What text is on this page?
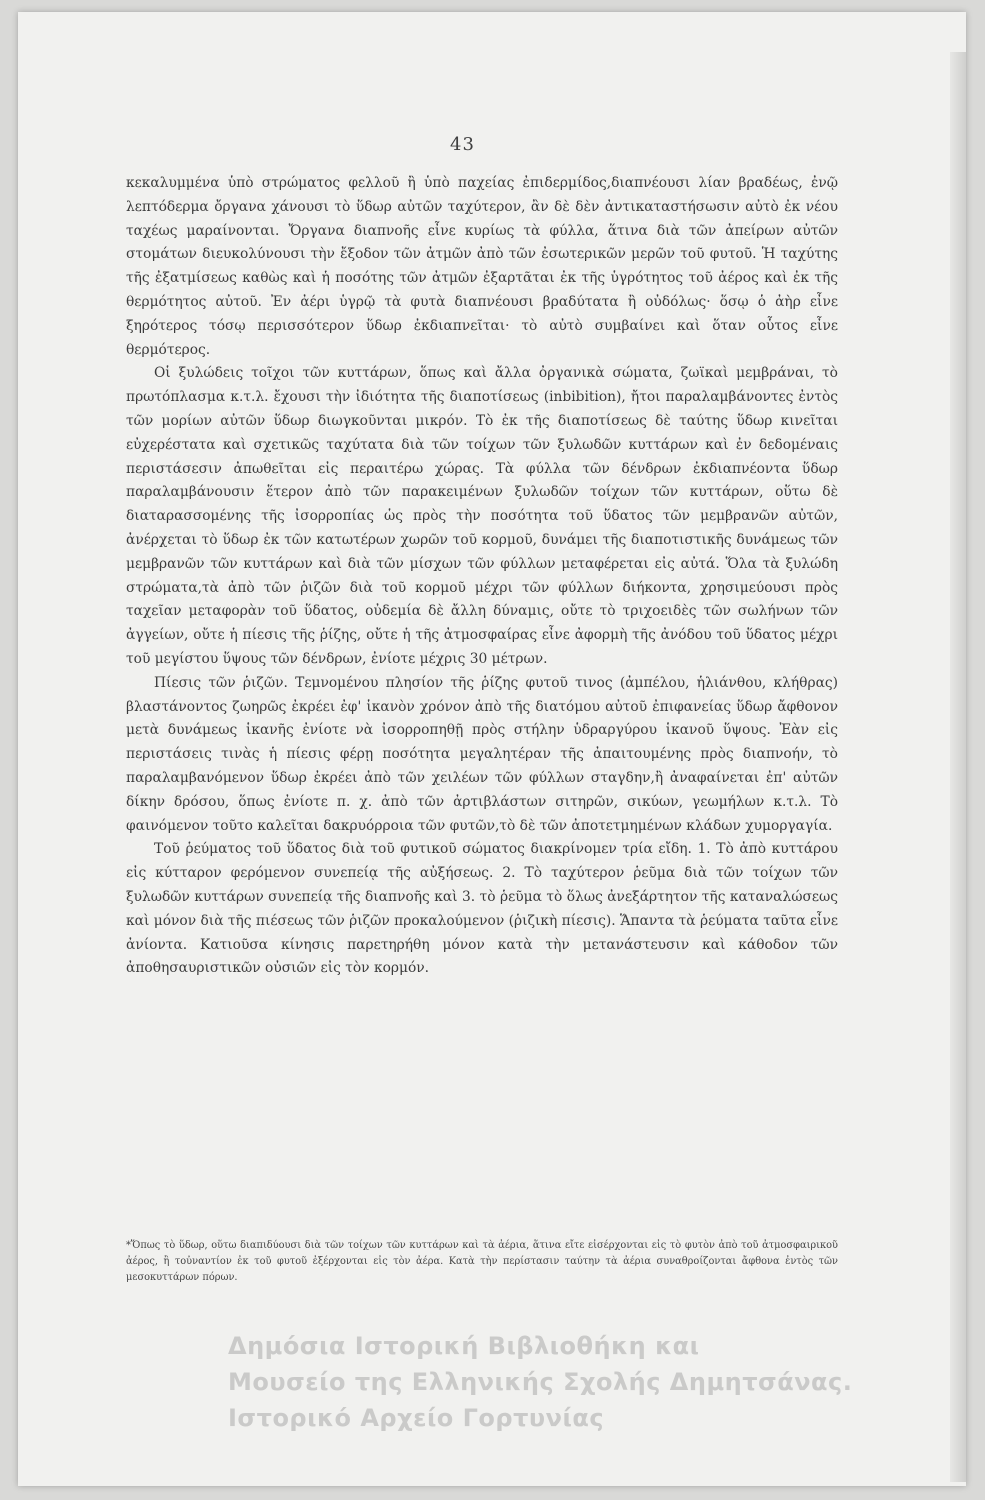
43

κεκαλυμμένα ὑπὸ στρώματος φελλοῦ ἢ ὑπὸ παχείας ἐπιδερμίδος,διαπνέουσι λίαν βραδέως, ἐνῷ λεπτόδερμα ὄργανα χάνουσι τὸ ὕδωρ αὐτῶν ταχύτερον, ἂν δὲ δὲν ἀντικαταστήσωσιν αὐτὸ ἐκ νέου ταχέως μαραίνονται. Ὄργανα διαπνοῆς εἶνε κυρίως τὰ φύλλα, ἅτινα διὰ τῶν ἀπείρων αὐτῶν στομάτων διευκολύνουσι τὴν ἔξοδον τῶν ἀτμῶν ἀπὸ τῶν ἐσωτερικῶν μερῶν τοῦ φυτοῦ. Ἡ ταχύτης τῆς ἐξατμίσεως καθὼς καὶ ἡ ποσότης τῶν ἀτμῶν ἐξαρτᾶται ἐκ τῆς ὑγρότητος τοῦ ἀέρος καὶ ἐκ τῆς θερμότητος αὐτοῦ. Ἐν ἀέρι ὑγρῷ τὰ φυτὰ διαπνέουσι βραδύτατα ἢ οὐδόλως· ὅσῳ ὁ ἀὴρ εἶνε ξηρότερος τόσῳ περισσότερον ὕδωρ ἐκδιαπνεῖται· τὸ αὐτὸ συμβαίνει καὶ ὅταν οὗτος εἶνε θερμότερος.

Οἱ ξυλώδεις τοῖχοι τῶν κυττάρων, ὅπως καὶ ἄλλα ὀργανικὰ σώματα, ζωϊκαὶ μεμβράναι, τὸ πρωτόπλασμα κ.τ.λ. ἔχουσι τὴν ἰδιότητα τῆς διαποτίσεως (inbibition), ἤτοι παραλαμβάνοντες ἐντὸς τῶν μορίων αὐτῶν ὕδωρ διωγκοῦνται μικρόν. Τὸ ἐκ τῆς διαποτίσεως δὲ ταύτης ὕδωρ κινεῖται εὐχερέστατα καὶ σχετικῶς ταχύτατα διὰ τῶν τοίχων τῶν ξυλωδῶν κυττάρων καὶ ἐν δεδομέναις περιστάσεσιν ἀπωθεῖται εἰς περαιτέρω χώρας. Τὰ φύλλα τῶν δένδρων ἐκδιαπνέοντα ὕδωρ παραλαμβάνουσιν ἕτερον ἀπὸ τῶν παρακειμένων ξυλωδῶν τοίχων τῶν κυττάρων, οὕτω δὲ διαταρασσομένης τῆς ἰσορροπίας ὡς πρὸς τὴν ποσότητα τοῦ ὕδατος τῶν μεμβρανῶν αὐτῶν, ἀνέρχεται τὸ ὕδωρ ἐκ τῶν κατωτέρων χωρῶν τοῦ κορμοῦ, δυνάμει τῆς διαποτιστικῆς δυνάμεως τῶν μεμβρανῶν τῶν κυττάρων καὶ διὰ τῶν μίσχων τῶν φύλλων μεταφέρεται εἰς αὐτά. Ὅλα τὰ ξυλώδη στρώματα,τὰ ἀπὸ τῶν ῥιζῶν διὰ τοῦ κορμοῦ μέχρι τῶν φύλλων διήκοντα, χρησιμεύουσι πρὸς ταχεῖαν μεταφορὰν τοῦ ὕδατος, οὐδεμία δὲ ἄλλη δύναμις, οὔτε τὸ τριχοειδὲς τῶν σωλήνων τῶν ἀγγείων, οὔτε ἡ πίεσις τῆς ῥίζης, οὔτε ἡ τῆς ἀτμοσφαίρας εἶνε ἀφορμὴ τῆς ἀνόδου τοῦ ὕδατος μέχρι τοῦ μεγίστου ὕψους τῶν δένδρων, ἐνίοτε μέχρις 30 μέτρων.

Πίεσις τῶν ῥιζῶν. Τεμνομένου πλησίον τῆς ῥίζης φυτοῦ τινος (ἀμπέλου, ἡλιάνθου, κλήθρας) βλαστάνοντος ζωηρῶς ἐκρέει ἐφ' ἱκανὸν χρόνον ἀπὸ τῆς διατόμου αὐτοῦ ἐπιφανείας ὕδωρ ἄφθονον μετὰ δυνάμεως ἱκανῆς ἐνίοτε νὰ ἰσορροπηθῇ πρὸς στήλην ὑδραργύρου ἱκανοῦ ὕψους. Ἐὰν εἰς περιστάσεις τινὰς ἡ πίεσις φέρῃ ποσότητα μεγαλητέραν τῆς ἀπαιτουμένης πρὸς διαπνοήν, τὸ παραλαμβανόμενον ὕδωρ ἐκρέει ἀπὸ τῶν χειλέων τῶν φύλλων σταγδην,ἢ ἀναφαίνεται ἐπ' αὐτῶν δίκην δρόσου, ὅπως ἐνίοτε π. χ. ἀπὸ τῶν ἀρτιβλάστων σιτηρῶν, σικύων, γεωμήλων κ.τ.λ. Τὸ φαινόμενον τοῦτο καλεῖται δακρυόρροια τῶν φυτῶν,τὸ δὲ τῶν ἀποτετμημένων κλάδων χυμοργαγία.

Τοῦ ῥεύματος τοῦ ὕδατος διὰ τοῦ φυτικοῦ σώματος διακρίνομεν τρία εἴδη. 1. Τὸ ἀπὸ κυττάρου εἰς κύτταρον φερόμενον συνεπείᾳ τῆς αὐξήσεως. 2. Τὸ ταχύτερον ῥεῦμα διὰ τῶν τοίχων τῶν ξυλωδῶν κυττάρων συνεπείᾳ τῆς διαπνοῆς καὶ 3. τὸ ῥεῦμα τὸ ὅλως ἀνεξάρτητον τῆς καταναλώσεως καὶ μόνον διὰ τῆς πιέσεως τῶν ῥιζῶν προκαλούμενον (ῥιζικὴ πίεσις). Ἅπαντα τὰ ῥεύματα ταῦτα εἶνε ἀνίοντα. Κατιοῦσα κίνησις παρετηρήθη μόνον κατὰ τὴν μετανάστευσιν καὶ κάθοδον τῶν ἀποθησαυριστικῶν οὐσιῶν εἰς τὸν κορμόν.

*Ὅπως τὸ ὕδωρ, οὕτω διαπιδύουσι διὰ τῶν τοίχων τῶν κυττάρων καὶ τὰ ἀέρια, ἅτινα εἴτε εἰσέρχονται εἰς τὸ φυτὸν ἀπὸ τοῦ ἀτμοσφαιρικοῦ ἀέρος, ἢ τοὐναντίον ἐκ τοῦ φυτοῦ ἐξέρχονται εἰς τὸν ἀέρα. Κατὰ τὴν περίστασιν ταύτην τὰ ἀέρια συναθροίζονται ἄφθονα ἐντὸς τῶν μεσοκυττάρων πόρων.
Δημόσια Ιστορική Βιβλιοθήκη και
Μουσείο της Ελληνικής Σχολής Δημητσάνας.
Ιστορικό Αρχείο Γορτυνίας
